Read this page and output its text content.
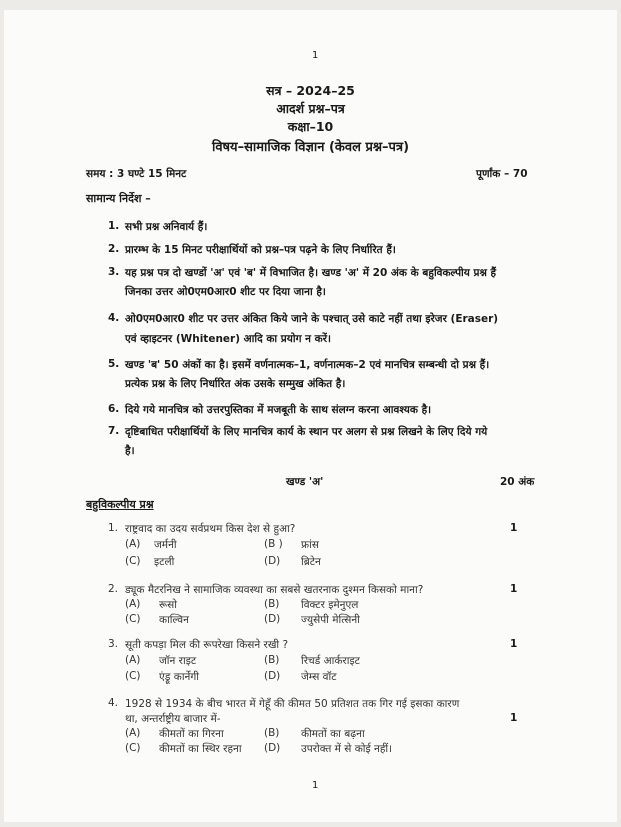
1
सत्र – 2024–25
आदर्श प्रश्न–पत्र
कक्षा–10
विषय–सामाजिक विज्ञान (केवल प्रश्न–पत्र)
समय : 3 घण्टे 15 मिनट	पूर्णांक – 70
सामान्य निर्देश –
1. सभी प्रश्न अनिवार्य हैं।
2. प्रारम्भ के 15 मिनट परीक्षार्थियों को प्रश्न–पत्र पढ़ने के लिए निर्धारित हैं।
3. यह प्रश्न पत्र दो खण्डों 'अ' एवं 'ब' में विभाजित है। खण्ड 'अ' में 20 अंक के बहुविकल्पीय प्रश्न हैं
जिनका उत्तर ओ0एम0आर0 शीट पर दिया जाना है।
4. ओ0एम0आर0 शीट पर उत्तर अंकित किये जाने के पश्चात् उसे काटे नहीं तथा इरेजर (Eraser)
एवं व्हाइटनर (Whitener) आदि का प्रयोग न करें।
5. खण्ड 'ब' 50 अंकों का है। इसमें वर्णनात्मक–1, वर्णनात्मक–2 एवं मानचित्र सम्बन्धी दो प्रश्न हैं।
प्रत्येक प्रश्न के लिए निर्धारित अंक उसके सम्मुख अंकित है।
6. दिये गये मानचित्र को उत्तरपुस्तिका में मजबूती के साथ संलग्न करना आवश्यक है।
7. दृष्टिबाधित परीक्षार्थियों के लिए मानचित्र कार्य के स्थान पर अलग से प्रश्न लिखने के लिए दिये गये
है।
खण्ड 'अ'	20 अंक
बहुविकल्पीय प्रश्न
1. राष्ट्रवाद का उदय सर्वप्रथम किस देश से हुआ?	1
(A) जर्मनी	(B ) फ्रांस
(C) इटली	(D) ब्रिटेन
2. ड्यूक मैटरनिख ने सामाजिक व्यवस्था का सबसे खतरनाक दुश्मन किसको माना?	1
(A) रूसो	(B) विक्टर इमेनुएल
(C) काल्विन	(D) ज्युसेपी मेत्सिनी
3. सूती कपड़ा मिल की रूपरेखा किसने रखी ?	1
(A) जॉन राइट	(B) रिचर्ड आर्कराइट
(C) एंड्रू कार्नेगी	(D) जेम्स वॉट
4. 1928 से 1934 के बीच भारत में गेहूँ की कीमत 50 प्रतिशत तक गिर गई इसका कारण
था, अन्तर्राष्ट्रीय बाजार में-	1
(A) कीमतों का गिरना	(B) कीमतों का बढ़ना
(C) कीमतों का स्थिर रहना (D) उपरोक्त में से कोई नहीं।
1
